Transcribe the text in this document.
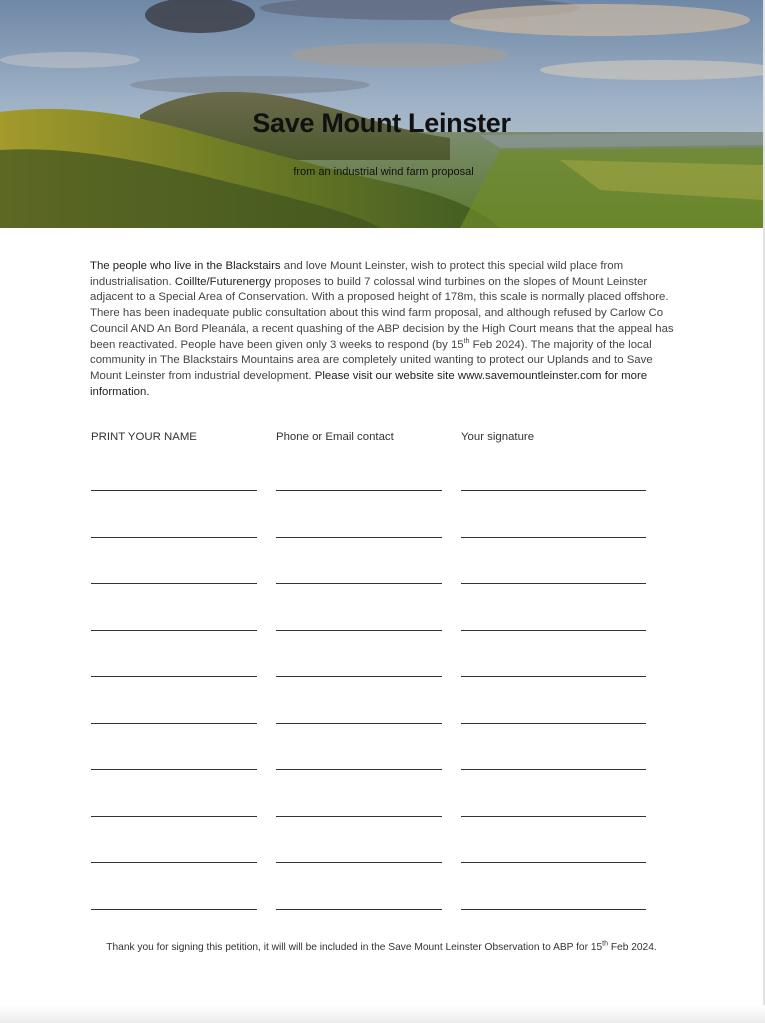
Save Mount Leinster
from an industrial wind farm proposal
The people who live in the Blackstairs and love Mount Leinster, wish to protect this special wild place from industrialisation. Coillte/Futurenergy proposes to build 7 colossal wind turbines on the slopes of Mount Leinster adjacent to a Special Area of Conservation. With a proposed height of 178m, this scale is normally placed offshore. There has been inadequate public consultation about this wind farm proposal, and although refused by Carlow Co Council AND An Bord Pleanála, a recent quashing of the ABP decision by the High Court means that the appeal has been reactivated. People have been given only 3 weeks to respond (by 15th Feb 2024). The majority of the local community in The Blackstairs Mountains area are completely united wanting to protect our Uplands and to Save Mount Leinster from industrial development. Please visit our website site www.savemountleinster.com for more information.
PRINT YOUR NAME	Phone or Email contact	Your signature
Thank you for signing this petition, it will will be included in the Save Mount Leinster Observation to ABP for 15th Feb 2024.
